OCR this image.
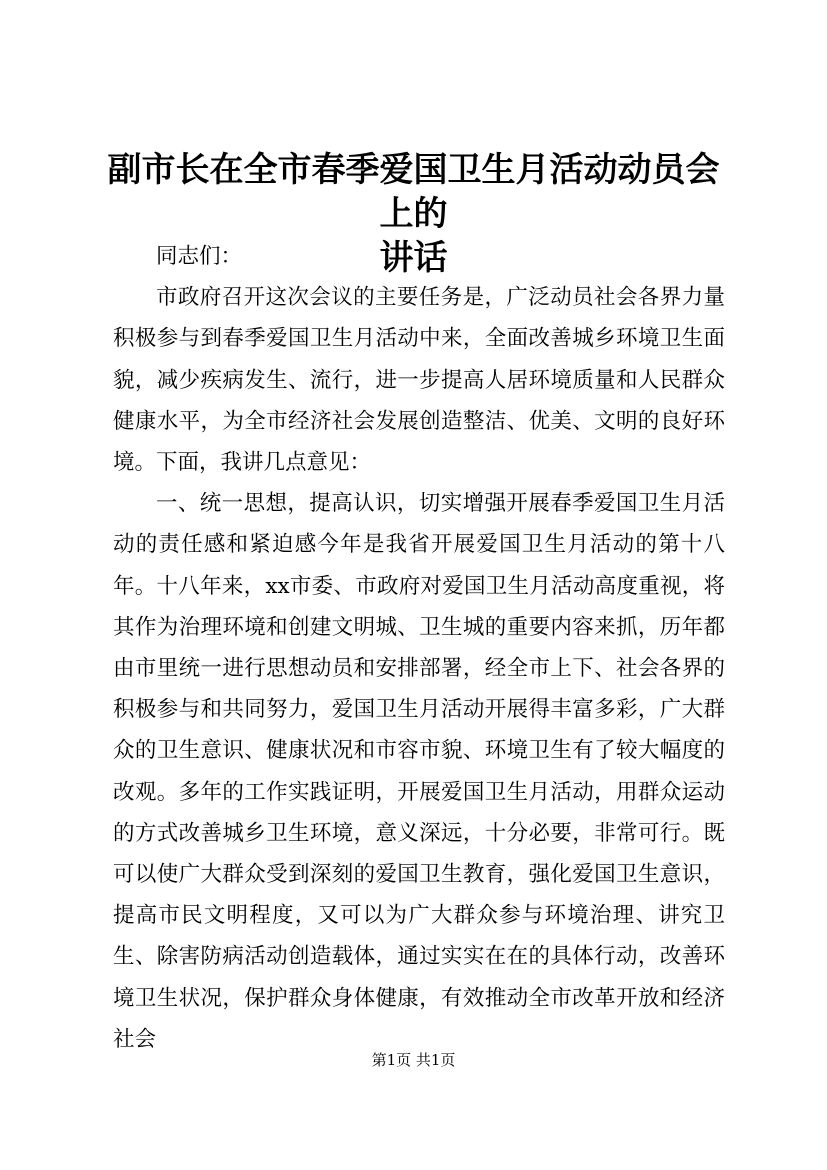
副市长在全市春季爱国卫生月活动动员会上的
讲话

同志们：

市政府召开这次会议的主要任务是，广泛动员社会各界力量积极参与到春季爱国卫生月活动中来，全面改善城乡环境卫生面貌，减少疾病发生、流行，进一步提高人居环境质量和人民群众健康水平，为全市经济社会发展创造整洁、优美、文明的良好环境。下面，我讲几点意见：

一、统一思想，提高认识，切实增强开展春季爱国卫生月活动的责任感和紧迫感今年是我省开展爱国卫生月活动的第十八年。十八年来，xx市委、市政府对爱国卫生月活动高度重视，将其作为治理环境和创建文明城、卫生城的重要内容来抓，历年都由市里统一进行思想动员和安排部署，经全市上下、社会各界的积极参与和共同努力，爱国卫生月活动开展得丰富多彩，广大群众的卫生意识、健康状况和市容市貌、环境卫生有了较大幅度的改观。多年的工作实践证明，开展爱国卫生月活动，用群众运动的方式改善城乡卫生环境，意义深远，十分必要，非常可行。既可以使广大群众受到深刻的爱国卫生教育，强化爱国卫生意识，提高市民文明程度，又可以为广大群众参与环境治理、讲究卫生、除害防病活动创造载体，通过实实在在的具体行动，改善环境卫生状况，保护群众身体健康，有效推动全市改革开放和经济社会

第1页 共1页
